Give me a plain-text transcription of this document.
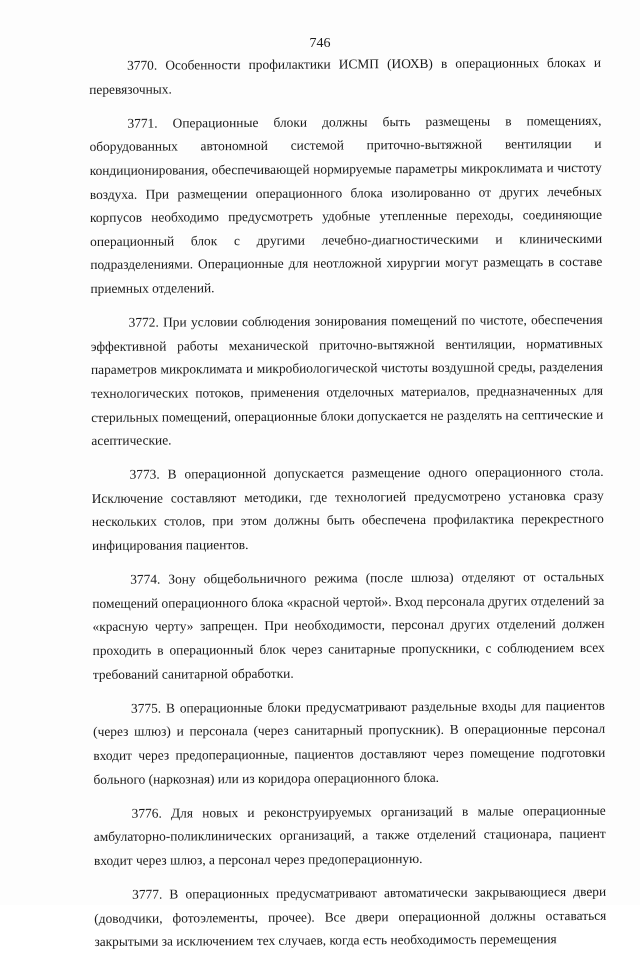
746

3770. Особенности профилактики ИСМП (ИОХВ) в операционных блоках и перевязочных.

3771. Операционные блоки должны быть размещены в помещениях, оборудованных автономной системой приточно-вытяжной вентиляции и кондиционирования, обеспечивающей нормируемые параметры микроклимата и чистоту воздуха. При размещении операционного блока изолированно от других лечебных корпусов необходимо предусмотреть удобные утепленные переходы, соединяющие операционный блок с другими лечебно-диагностическими и клиническими подразделениями. Операционные для неотложной хирургии могут размещать в составе приемных отделений.

3772. При условии соблюдения зонирования помещений по чистоте, обеспечения эффективной работы механической приточно-вытяжной вентиляции, нормативных параметров микроклимата и микробиологической чистоты воздушной среды, разделения технологических потоков, применения отделочных материалов, предназначенных для стерильных помещений, операционные блоки допускается не разделять на септические и асептические.

3773. В операционной допускается размещение одного операционного стола. Исключение составляют методики, где технологией предусмотрено установка сразу нескольких столов, при этом должны быть обеспечена профилактика перекрестного инфицирования пациентов.

3774. Зону общебольничного режима (после шлюза) отделяют от остальных помещений операционного блока «красной чертой». Вход персонала других отделений за «красную черту» запрещен. При необходимости, персонал других отделений должен проходить в операционный блок через санитарные пропускники, с соблюдением всех требований санитарной обработки.

3775. В операционные блоки предусматривают раздельные входы для пациентов (через шлюз) и персонала (через санитарный пропускник). В операционные персонал входит через предоперационные, пациентов доставляют через помещение подготовки больного (наркозная) или из коридора операционного блока.

3776. Для новых и реконструируемых организаций в малые операционные амбулаторно-поликлинических организаций, а также отделений стационара, пациент входит через шлюз, а персонал через предоперационную.

3777. В операционных предусматривают автоматически закрывающиеся двери (доводчики, фотоэлементы, прочее). Все двери операционной должны оставаться закрытыми за исключением тех случаев, когда есть необходимость перемещения
